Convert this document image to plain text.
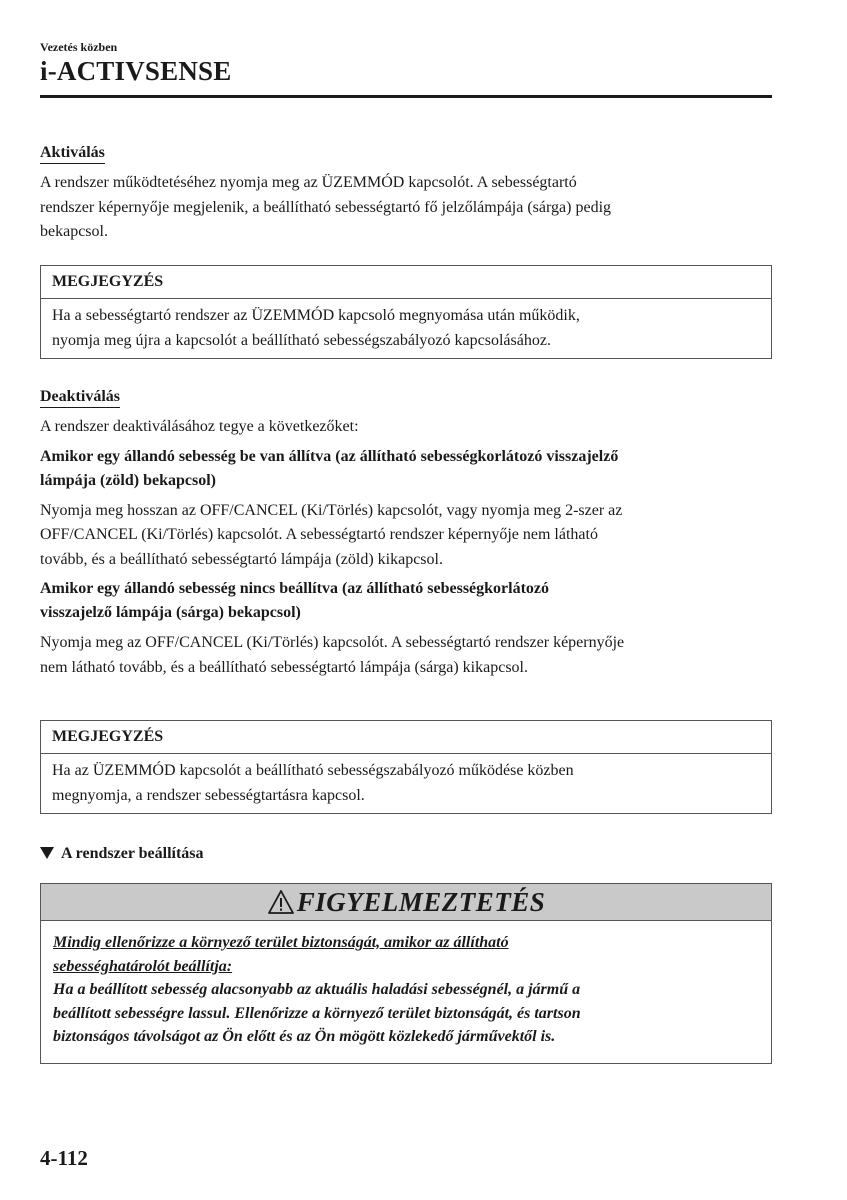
Vezetés közben
i-ACTIVSENSE
Aktiválás

A rendszer működtetéséhez nyomja meg az ÜZEMMÓD kapcsolót. A sebességtartó

rendszer képernyője megjelenik, a beállítható sebességtartó fő jelzőlámpája (sárga) pedig

bekapcsol.

MEGJEGYZÉS
Ha a sebességtartó rendszer az ÜZEMMÓD kapcsoló megnyomása után működik,
nyomja meg újra a kapcsolót a beállítható sebességszabályozó kapcsolásához.
Deaktiválás

A rendszer deaktiválásához tegye a következőket:

Amikor egy állandó sebesség be van állítva (az állítható sebességkorlátozó visszajelző

lámpája (zöld) bekapcsol)

Nyomja meg hosszan az OFF/CANCEL (Ki/Törlés) kapcsolót, vagy nyomja meg 2-szer az

OFF/CANCEL (Ki/Törlés) kapcsolót. A sebességtartó rendszer képernyője nem látható

tovább, és a beállítható sebességtartó lámpája (zöld) kikapcsol.

Amikor egy állandó sebesség nincs beállítva (az állítható sebességkorlátozó

visszajelző lámpája (sárga) bekapcsol)

Nyomja meg az OFF/CANCEL (Ki/Törlés) kapcsolót. A sebességtartó rendszer képernyője

nem látható tovább, és a beállítható sebességtartó lámpája (sárga) kikapcsol.

MEGJEGYZÉS
Ha az ÜZEMMÓD kapcsolót a beállítható sebességszabályozó működése közben
megnyomja, a rendszer sebességtartásra kapcsol.
A rendszer beállítása
FIGYELMEZTETÉS
Mindig ellenőrizze a környező terület biztonságát, amikor az állítható
sebességhatárolót beállítja:
Ha a beállított sebesség alacsonyabb az aktuális haladási sebességnél, a jármű a
beállított sebességre lassul. Ellenőrizze a környező terület biztonságát, és tartson
biztonságos távolságot az Ön előtt és az Ön mögött közlekedő járművektől is.
4-112
